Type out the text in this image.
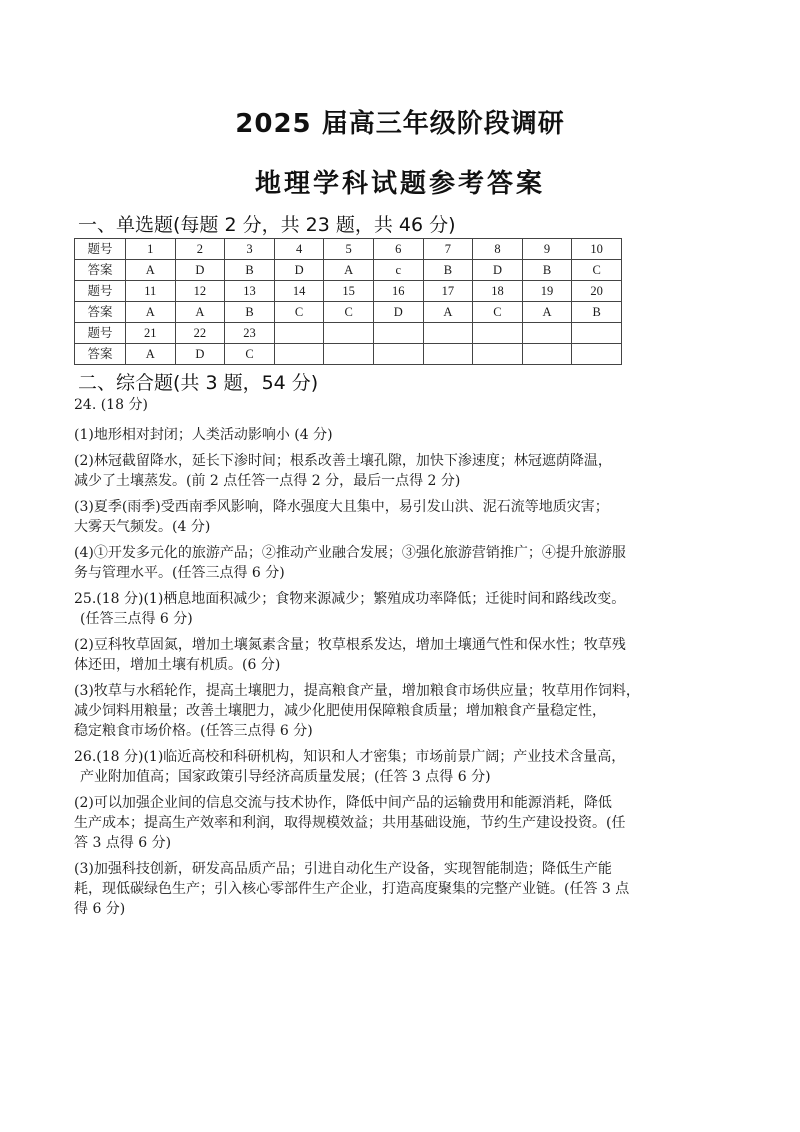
2025 届高三年级阶段调研
地理学科试题参考答案
一、单选题(每题 2 分，共 23 题，共 46 分)
题号	1	2	3	4	5	6	7	8	9	10
答案	A	D	B	D	A	c	B	D	B	C
题号	11	12	13	14	15	16	17	18	19	20
答案	A	A	B	C	C	D	A	C	A	B
题号	21	22	23							
答案	A	D	C							
二、综合题(共 3 题，54 分)

24. (18 分)

(1)地形相对封闭；人类活动影响小 (4 分)

(2)林冠截留降水，延长下渗时间；根系改善土壤孔隙，加快下渗速度；林冠遮荫降温，

减少了土壤蒸发。(前 2 点任答一点得 2 分，最后一点得 2 分)

(3)夏季(雨季)受西南季风影响，降水强度大且集中，易引发山洪、泥石流等地质灾害；

大雾天气频发。(4 分)

(4)①开发多元化的旅游产品；②推动产业融合发展；③强化旅游营销推广；④提升旅游服

务与管理水平。(任答三点得 6 分)

25.(18 分)(1)栖息地面积减少；食物来源减少；繁殖成功率降低；迁徙时间和路线改变。

(任答三点得 6 分)

(2)豆科牧草固氮，增加土壤氮素含量；牧草根系发达，增加土壤通气性和保水性；牧草残

体还田，增加土壤有机质。(6 分)

(3)牧草与水稻轮作，提高土壤肥力，提高粮食产量，增加粮食市场供应量；牧草用作饲料，

减少饲料用粮量；改善土壤肥力，减少化肥使用保障粮食质量；增加粮食产量稳定性，

稳定粮食市场价格。(任答三点得 6 分)

26.(18 分)(1)临近高校和科研机构，知识和人才密集；市场前景广阔；产业技术含量高，

产业附加值高；国家政策引导经济高质量发展；(任答 3 点得 6 分)

(2)可以加强企业间的信息交流与技术协作，降低中间产品的运输费用和能源消耗，降低

生产成本；提高生产效率和利润，取得规模效益；共用基础设施，节约生产建设投资。(任

答 3 点得 6 分)

(3)加强科技创新，研发高品质产品；引进自动化生产设备，实现智能制造；降低生产能

耗，现低碳绿色生产；引入核心零部件生产企业，打造高度聚集的完整产业链。(任答 3 点

得 6 分)
